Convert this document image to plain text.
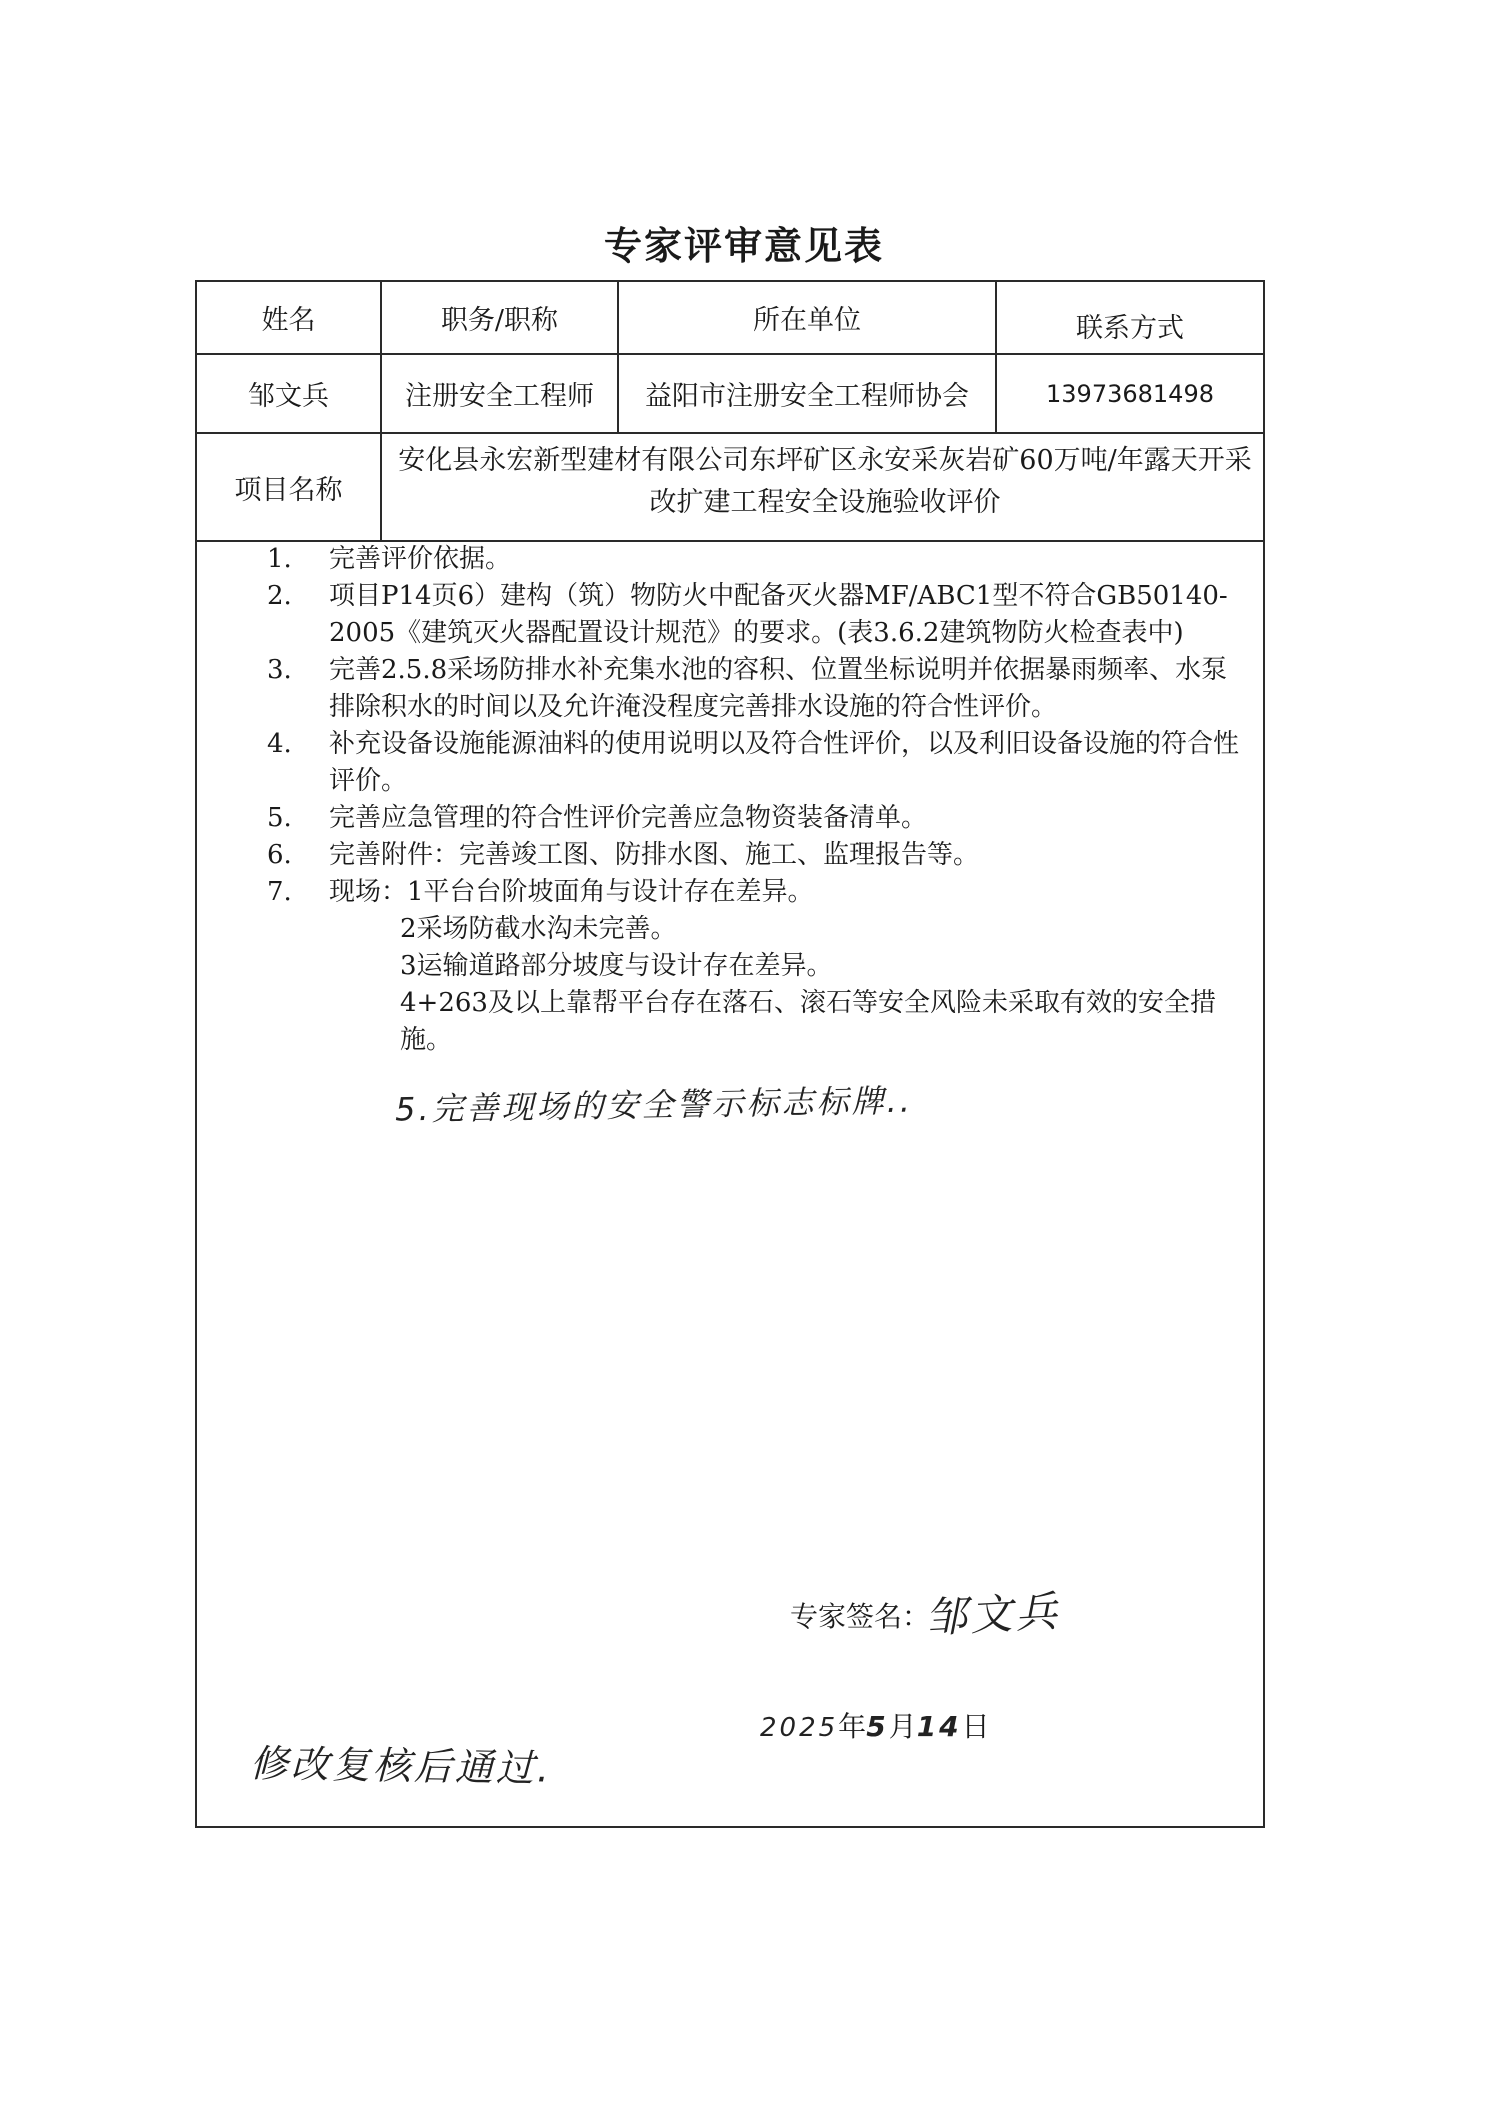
专家评审意见表
姓名	职务/职称	所在单位	联系方式
邹文兵	注册安全工程师	益阳市注册安全工程师协会	13973681498
项目名称
安化县永宏新型建材有限公司东坪矿区永安采灰岩矿60万吨/年露天开采改扩建工程安全设施验收评价
1.	完善评价依据。
2.	项目P14页6）建构（筑）物防火中配备灭火器MF/ABC1型不符合GB50140-2005《建筑灭火器配置设计规范》的要求。(表3.6.2建筑物防火检查表中)
3.	完善2.5.8采场防排水补充集水池的容积、位置坐标说明并依据暴雨频率、水泵排除积水的时间以及允许淹没程度完善排水设施的符合性评价。
4.	补充设备设施能源油料的使用说明以及符合性评价，以及利旧设备设施的符合性评价。
5.	完善应急管理的符合性评价完善应急物资装备清单。
6.	完善附件：完善竣工图、防排水图、施工、监理报告等。
7.	现场：1平台台阶坡面角与设计存在差异。
2采场防截水沟未完善。
3运输道路部分坡度与设计存在差异。
4+263及以上靠帮平台存在落石、滚石等安全风险未采取有效的安全措施。
5.完善现场的安全警示标志标牌..
专家签名：
邹文兵
2025年5月14日
修改复核后通过.
